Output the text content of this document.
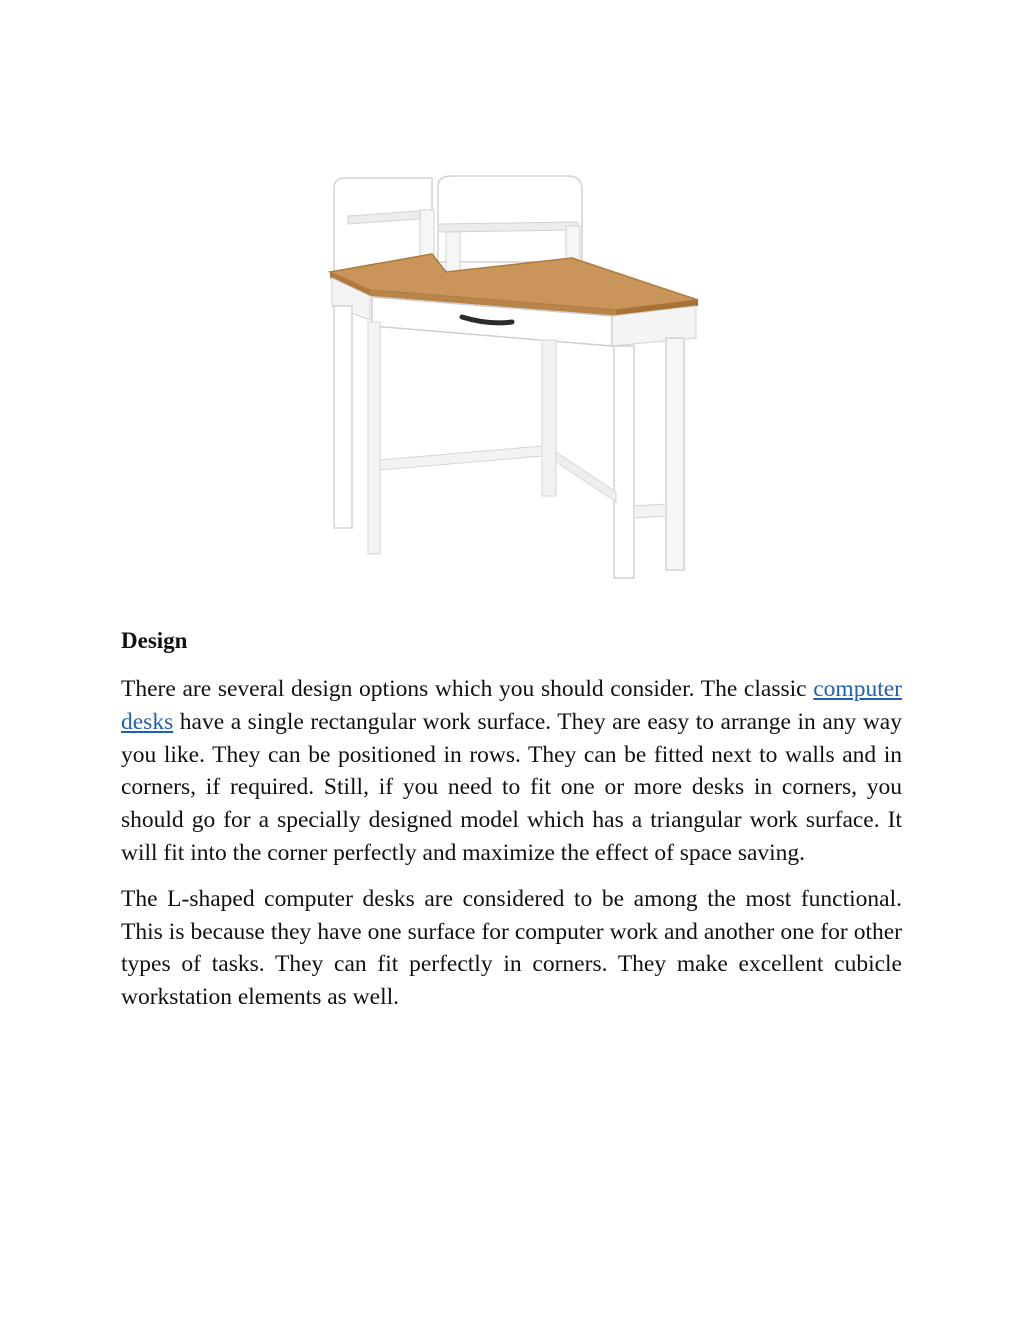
Design

There are several design options which you should consider. The classic computer desks have a single rectangular work surface. They are easy to arrange in any way you like. They can be positioned in rows. They can be fitted next to walls and in corners, if required. Still, if you need to fit one or more desks in corners, you should go for a specially designed model which has a triangular work surface. It will fit into the corner perfectly and maximize the effect of space saving.

The L-shaped computer desks are considered to be among the most functional. This is because they have one surface for computer work and another one for other types of tasks. They can fit perfectly in corners. They make excellent cubicle workstation elements as well.
